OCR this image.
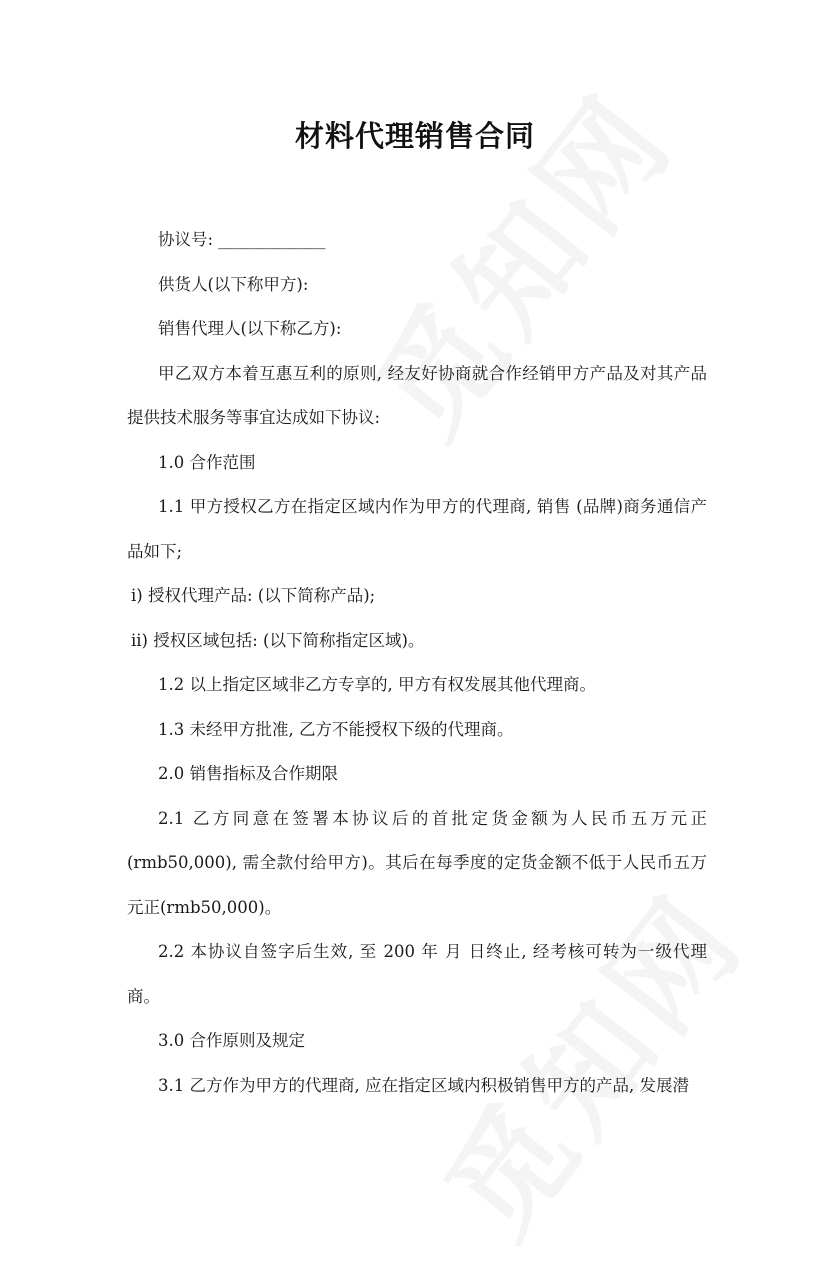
材料代理销售合同

协议号: _____________

供货人(以下称甲方):

销售代理人(以下称乙方):

甲乙双方本着互惠互利的原则, 经友好协商就合作经销甲方产品及对其产品提供技术服务等事宜达成如下协议:

1.0 合作范围

1.1 甲方授权乙方在指定区域内作为甲方的代理商, 销售 (品牌)商务通信产品如下;

i) 授权代理产品: (以下简称产品);

ii) 授权区域包括: (以下简称指定区域)。

1.2 以上指定区域非乙方专享的, 甲方有权发展其他代理商。

1.3 未经甲方批准, 乙方不能授权下级的代理商。

2.0 销售指标及合作期限

2.1 乙方同意在签署本协议后的首批定货金额为人民币五万元正(rmb50,000), 需全款付给甲方)。其后在每季度的定货金额不低于人民币五万元正(rmb50,000)。

2.2 本协议自签字后生效, 至 200 年 月 日终止, 经考核可转为一级代理商。

3.0 合作原则及规定

3.1 乙方作为甲方的代理商, 应在指定区域内积极销售甲方的产品, 发展潜
